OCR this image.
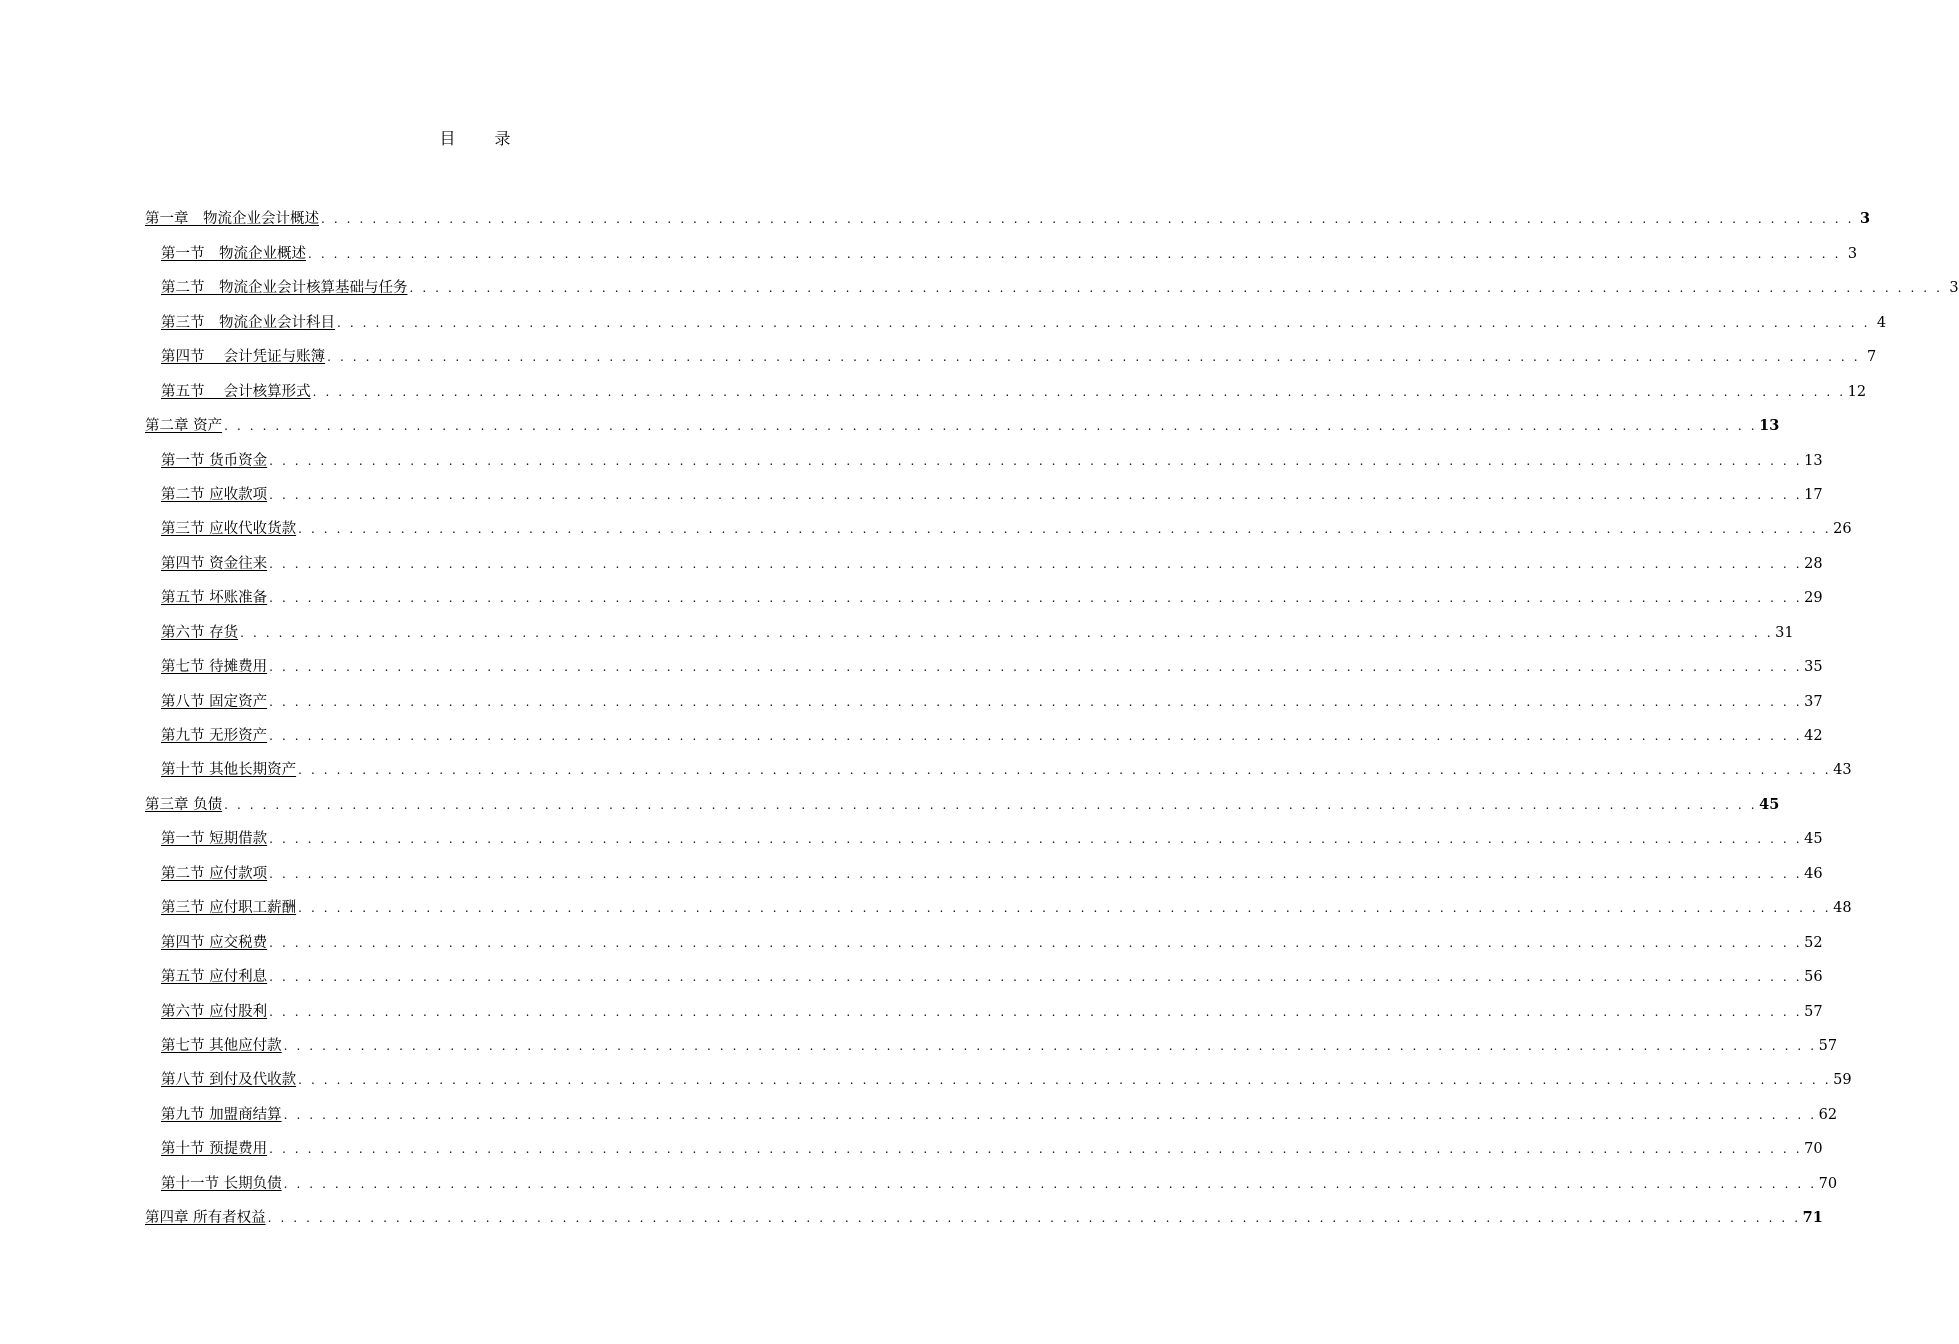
目 录
第一章　物流企业会计概述 . . . . . . . . . . . . . . . . . . . . . . . . . . . . . . . . . . . . . . . . . . . . . . . . . . . . . . . . . . . . . . . . . . . . . . . . . . . . . . . . . . . . . . . . . . . . . . . . . . . . . . . . . . . . . . . . . . . . . . . . 3
第一节　物流企业概述 . . . . . . . . . . . . . . . . . . . . . . . . . . . . . . . . . . . . . . . . . . . . . . . . . . . . . . . . . . . . . . . . . . . . . . . . . . . . . . . . . . . . . . . . . . . . . . . . . . . . . . . . . . . . . . . . . . . . . . . . 3
第二节　物流企业会计核算基础与任务 . . . . . . . . . . . . . . . . . . . . . . . . . . . . . . . . . . . . . . . . . . . . . . . . . . . . . . . . . . . . . . . . . . . . . . . . . . . . . . . . . . . . . . . . . . . . . . . . . . . . . . . . . . . . . . . . . . . . . . . . 3
第三节　物流企业会计科目 . . . . . . . . . . . . . . . . . . . . . . . . . . . . . . . . . . . . . . . . . . . . . . . . . . . . . . . . . . . . . . . . . . . . . . . . . . . . . . . . . . . . . . . . . . . . . . . . . . . . . . . . . . . . . . . . . . . . . . . . 4
第四节　 会计凭证与账簿 . . . . . . . . . . . . . . . . . . . . . . . . . . . . . . . . . . . . . . . . . . . . . . . . . . . . . . . . . . . . . . . . . . . . . . . . . . . . . . . . . . . . . . . . . . . . . . . . . . . . . . . . . . . . . . . . . . . . . . . . 7
第五节　 会计核算形式 . . . . . . . . . . . . . . . . . . . . . . . . . . . . . . . . . . . . . . . . . . . . . . . . . . . . . . . . . . . . . . . . . . . . . . . . . . . . . . . . . . . . . . . . . . . . . . . . . . . . . . . . . . . . . . . . . . . . . . . . 12
第二章 资产 . . . . . . . . . . . . . . . . . . . . . . . . . . . . . . . . . . . . . . . . . . . . . . . . . . . . . . . . . . . . . . . . . . . . . . . . . . . . . . . . . . . . . . . . . . . . . . . . . . . . . . . . . . . . . . . . . . . . . . . . 13
第一节 货币资金 . . . . . . . . . . . . . . . . . . . . . . . . . . . . . . . . . . . . . . . . . . . . . . . . . . . . . . . . . . . . . . . . . . . . . . . . . . . . . . . . . . . . . . . . . . . . . . . . . . . . . . . . . . . . . . . . . . . . . . . . 13
第二节 应收款项 . . . . . . . . . . . . . . . . . . . . . . . . . . . . . . . . . . . . . . . . . . . . . . . . . . . . . . . . . . . . . . . . . . . . . . . . . . . . . . . . . . . . . . . . . . . . . . . . . . . . . . . . . . . . . . . . . . . . . . . . 17
第三节 应收代收货款 . . . . . . . . . . . . . . . . . . . . . . . . . . . . . . . . . . . . . . . . . . . . . . . . . . . . . . . . . . . . . . . . . . . . . . . . . . . . . . . . . . . . . . . . . . . . . . . . . . . . . . . . . . . . . . . . . . . . . . . . 26
第四节 资金往来 . . . . . . . . . . . . . . . . . . . . . . . . . . . . . . . . . . . . . . . . . . . . . . . . . . . . . . . . . . . . . . . . . . . . . . . . . . . . . . . . . . . . . . . . . . . . . . . . . . . . . . . . . . . . . . . . . . . . . . . . 28
第五节 坏账准备 . . . . . . . . . . . . . . . . . . . . . . . . . . . . . . . . . . . . . . . . . . . . . . . . . . . . . . . . . . . . . . . . . . . . . . . . . . . . . . . . . . . . . . . . . . . . . . . . . . . . . . . . . . . . . . . . . . . . . . . . 29
第六节 存货 . . . . . . . . . . . . . . . . . . . . . . . . . . . . . . . . . . . . . . . . . . . . . . . . . . . . . . . . . . . . . . . . . . . . . . . . . . . . . . . . . . . . . . . . . . . . . . . . . . . . . . . . . . . . . . . . . . . . . . . . 31
第七节 待摊费用 . . . . . . . . . . . . . . . . . . . . . . . . . . . . . . . . . . . . . . . . . . . . . . . . . . . . . . . . . . . . . . . . . . . . . . . . . . . . . . . . . . . . . . . . . . . . . . . . . . . . . . . . . . . . . . . . . . . . . . . . 35
第八节 固定资产 . . . . . . . . . . . . . . . . . . . . . . . . . . . . . . . . . . . . . . . . . . . . . . . . . . . . . . . . . . . . . . . . . . . . . . . . . . . . . . . . . . . . . . . . . . . . . . . . . . . . . . . . . . . . . . . . . . . . . . . . 37
第九节 无形资产 . . . . . . . . . . . . . . . . . . . . . . . . . . . . . . . . . . . . . . . . . . . . . . . . . . . . . . . . . . . . . . . . . . . . . . . . . . . . . . . . . . . . . . . . . . . . . . . . . . . . . . . . . . . . . . . . . . . . . . . . 42
第十节 其他长期资产 . . . . . . . . . . . . . . . . . . . . . . . . . . . . . . . . . . . . . . . . . . . . . . . . . . . . . . . . . . . . . . . . . . . . . . . . . . . . . . . . . . . . . . . . . . . . . . . . . . . . . . . . . . . . . . . . . . . . . . . . 43
第三章 负债 . . . . . . . . . . . . . . . . . . . . . . . . . . . . . . . . . . . . . . . . . . . . . . . . . . . . . . . . . . . . . . . . . . . . . . . . . . . . . . . . . . . . . . . . . . . . . . . . . . . . . . . . . . . . . . . . . . . . . . . . 45
第一节 短期借款 . . . . . . . . . . . . . . . . . . . . . . . . . . . . . . . . . . . . . . . . . . . . . . . . . . . . . . . . . . . . . . . . . . . . . . . . . . . . . . . . . . . . . . . . . . . . . . . . . . . . . . . . . . . . . . . . . . . . . . . . 45
第二节 应付款项 . . . . . . . . . . . . . . . . . . . . . . . . . . . . . . . . . . . . . . . . . . . . . . . . . . . . . . . . . . . . . . . . . . . . . . . . . . . . . . . . . . . . . . . . . . . . . . . . . . . . . . . . . . . . . . . . . . . . . . . . 46
第三节 应付职工薪酬 . . . . . . . . . . . . . . . . . . . . . . . . . . . . . . . . . . . . . . . . . . . . . . . . . . . . . . . . . . . . . . . . . . . . . . . . . . . . . . . . . . . . . . . . . . . . . . . . . . . . . . . . . . . . . . . . . . . . . . . . 48
第四节 应交税费 . . . . . . . . . . . . . . . . . . . . . . . . . . . . . . . . . . . . . . . . . . . . . . . . . . . . . . . . . . . . . . . . . . . . . . . . . . . . . . . . . . . . . . . . . . . . . . . . . . . . . . . . . . . . . . . . . . . . . . . . 52
第五节 应付利息 . . . . . . . . . . . . . . . . . . . . . . . . . . . . . . . . . . . . . . . . . . . . . . . . . . . . . . . . . . . . . . . . . . . . . . . . . . . . . . . . . . . . . . . . . . . . . . . . . . . . . . . . . . . . . . . . . . . . . . . . 56
第六节 应付股利 . . . . . . . . . . . . . . . . . . . . . . . . . . . . . . . . . . . . . . . . . . . . . . . . . . . . . . . . . . . . . . . . . . . . . . . . . . . . . . . . . . . . . . . . . . . . . . . . . . . . . . . . . . . . . . . . . . . . . . . . 57
第七节 其他应付款 . . . . . . . . . . . . . . . . . . . . . . . . . . . . . . . . . . . . . . . . . . . . . . . . . . . . . . . . . . . . . . . . . . . . . . . . . . . . . . . . . . . . . . . . . . . . . . . . . . . . . . . . . . . . . . . . . . . . . . . . 57
第八节 到付及代收款 . . . . . . . . . . . . . . . . . . . . . . . . . . . . . . . . . . . . . . . . . . . . . . . . . . . . . . . . . . . . . . . . . . . . . . . . . . . . . . . . . . . . . . . . . . . . . . . . . . . . . . . . . . . . . . . . . . . . . . . . 59
第九节 加盟商结算 . . . . . . . . . . . . . . . . . . . . . . . . . . . . . . . . . . . . . . . . . . . . . . . . . . . . . . . . . . . . . . . . . . . . . . . . . . . . . . . . . . . . . . . . . . . . . . . . . . . . . . . . . . . . . . . . . . . . . . . . 62
第十节 预提费用 . . . . . . . . . . . . . . . . . . . . . . . . . . . . . . . . . . . . . . . . . . . . . . . . . . . . . . . . . . . . . . . . . . . . . . . . . . . . . . . . . . . . . . . . . . . . . . . . . . . . . . . . . . . . . . . . . . . . . . . . 70
第十一节 长期负债 . . . . . . . . . . . . . . . . . . . . . . . . . . . . . . . . . . . . . . . . . . . . . . . . . . . . . . . . . . . . . . . . . . . . . . . . . . . . . . . . . . . . . . . . . . . . . . . . . . . . . . . . . . . . . . . . . . . . . . . . 70
第四章 所有者权益 . . . . . . . . . . . . . . . . . . . . . . . . . . . . . . . . . . . . . . . . . . . . . . . . . . . . . . . . . . . . . . . . . . . . . . . . . . . . . . . . . . . . . . . . . . . . . . . . . . . . . . . . . . . . . . . . . . . . . . . . 71
